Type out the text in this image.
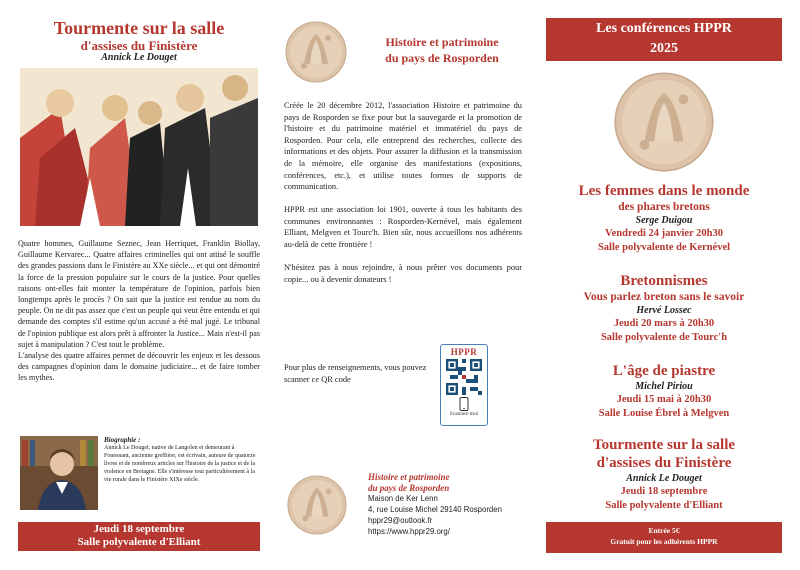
Tourmente sur la salle
d'assises du Finistère
Annick Le Douget

Quatre hommes, Guillaume Seznec, Jean Herriquet, Franklin Biollay, Guillaume Kervarec... Quatre affaires criminelles qui ont attisé le souffle des grandes passions dans le Finistère au XXe siècle... et qui ont démontré la force de la pression populaire sur le cours de la justice. Pour quelles raisons ont-elles fait monter la température de l'opinion, parfois bien longtemps après le procès ? On sait que la justice est rendue au nom du peuple. On ne dit pas assez que c'est un peuple qui veut être entendu et qui demande des comptes s'il estime qu'un accusé a été mal jugé. Le tribunal de l'opinion publique est alors prêt à affronter la Justice... Mais n'est-il pas sujet à manipulation ? C'est tout le problème.

L'analyse des quatre affaires permet de découvrir les enjeux et les dessous des campagnes d'opinion dans le domaine judiciaire... et de faire tomber les mythes.

Biographie :
Annick Le Douget, native de Langolen et demeurant à Fouesnant, ancienne greffière, est écrivain, auteure de quatorze livres et de nombreux articles sur l'histoire de la justice et de la violence en Bretagne. Elle s'intéresse tout particulièrement à la vie rurale dans le Finistère XIXe siècle.
Jeudi 18 septembre
Salle polyvalente d'Elliant
Histoire et patrimoine
du pays de Rosporden

Créée le 20 décembre 2012, l'association Histoire et patrimoine du pays de Rosporden se fixe pour but la sauvegarde et la promotion de l'histoire et du patrimoine matériel et immatériel du pays de Rosporden. Pour cela, elle entreprend des recherches, collecte des informations et des objets. Pour assurer la diffusion et la transmission de la mémoire, elle organise des manifestations (expositions, conférences, etc.), et utilise toutes formes de supports de communication.

HPPR est une association loi 1901, ouverte à tous les habitants des communes environnantes : Rosporden-Kernével, mais également Elliant, Melgven et Tourc'h. Bien sûr, nous accueillons nos adhérents au-delà de cette frontière !

N'hésitez pas à nous rejoindre, à nous prêter vos documents pour copie... ou à devenir donateurs !

Pour plus de renseignements, vous pouvez scanner ce QR code
HPPR
Scannez-moi
Histoire et patrimoine
du pays de Rosporden
Maison de Ker Lenn
4, rue Louise Michel 29140 Rosporden
hppr29@outlook.fr
https://www.hppr29.org/
Les conférences HPPR
2025
Les femmes dans le monde
des phares bretons
Serge Duigou
Vendredi 24 janvier 20h30
Salle polyvalente de Kernével
Bretonnismes
Vous parlez breton sans le savoir
Hervé Lossec
Jeudi 20 mars à 20h30
Salle polyvalente de Tourc'h
L'âge de piastre
Michel Piriou
Jeudi 15 mai à 20h30
Salle Louise Ébrel à Melgven
Tourmente sur la salle
d'assises du Finistère
Annick Le Douget
Jeudi 18 septembre
Salle polyvalente d'Elliant
Entrée 5€
Gratuit pour les adhérents HPPR
